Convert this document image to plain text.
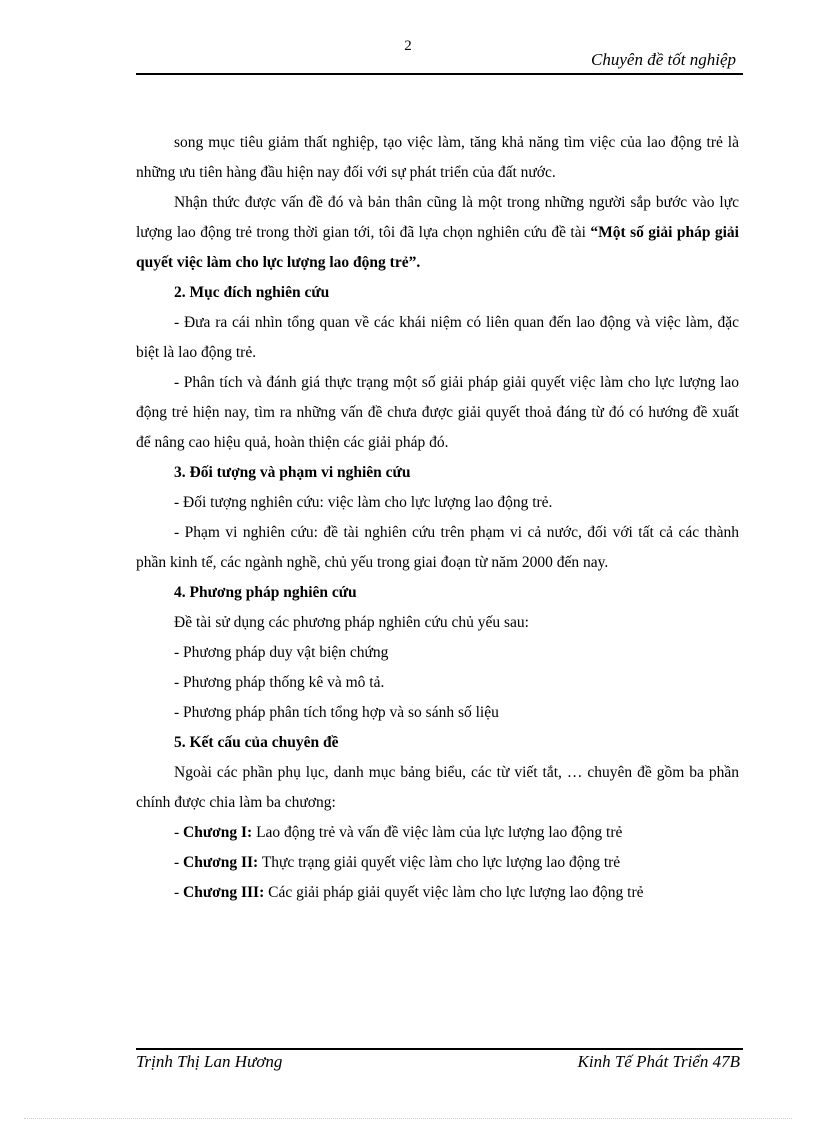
2
Chuyên đề tốt nghiệp

song mục tiêu giảm thất nghiệp, tạo việc làm, tăng khả năng tìm việc của lao động trẻ là những ưu tiên hàng đầu hiện nay đối với sự phát triển của đất nước.

Nhận thức được vấn đề đó và bản thân cũng là một trong những người sắp bước vào lực lượng lao động trẻ trong thời gian tới, tôi đã lựa chọn nghiên cứu đề tài “Một số giải pháp giải quyết việc làm cho lực lượng lao động trẻ”.

2. Mục đích nghiên cứu

- Đưa ra cái nhìn tổng quan về các khái niệm có liên quan đến lao động và việc làm, đặc biệt là lao động trẻ.

- Phân tích và đánh giá thực trạng một số giải pháp giải quyết việc làm cho lực lượng lao động trẻ hiện nay, tìm ra những vấn đề chưa được giải quyết thoả đáng từ đó có hướng đề xuất để nâng cao hiệu quả, hoàn thiện các giải pháp đó.

3. Đối tượng và phạm vi nghiên cứu

- Đối tượng nghiên cứu: việc làm cho lực lượng lao động trẻ.

- Phạm vi nghiên cứu: đề tài nghiên cứu trên phạm vi cả nước, đối với tất cả các thành phần kinh tế, các ngành nghề, chủ yếu trong giai đoạn từ năm 2000 đến nay.

4. Phương pháp nghiên cứu

Đề tài sử dụng các phương pháp nghiên cứu chủ yếu sau:

- Phương pháp duy vật biện chứng

- Phương pháp thống kê và mô tả.

- Phương pháp phân tích tổng hợp và so sánh số liệu

5. Kết cấu của chuyên đề

Ngoài các phần phụ lục, danh mục bảng biểu, các từ viết tắt, … chuyên đề gồm ba phần chính được chia làm ba chương:

- Chương I: Lao động trẻ và vấn đề việc làm của lực lượng lao động trẻ

- Chương II: Thực trạng giải quyết việc làm cho lực lượng lao động trẻ

- Chương III: Các giải pháp giải quyết việc làm cho lực lượng lao động trẻ

Trịnh Thị Lan Hương	Kinh Tế Phát Triển 47B
